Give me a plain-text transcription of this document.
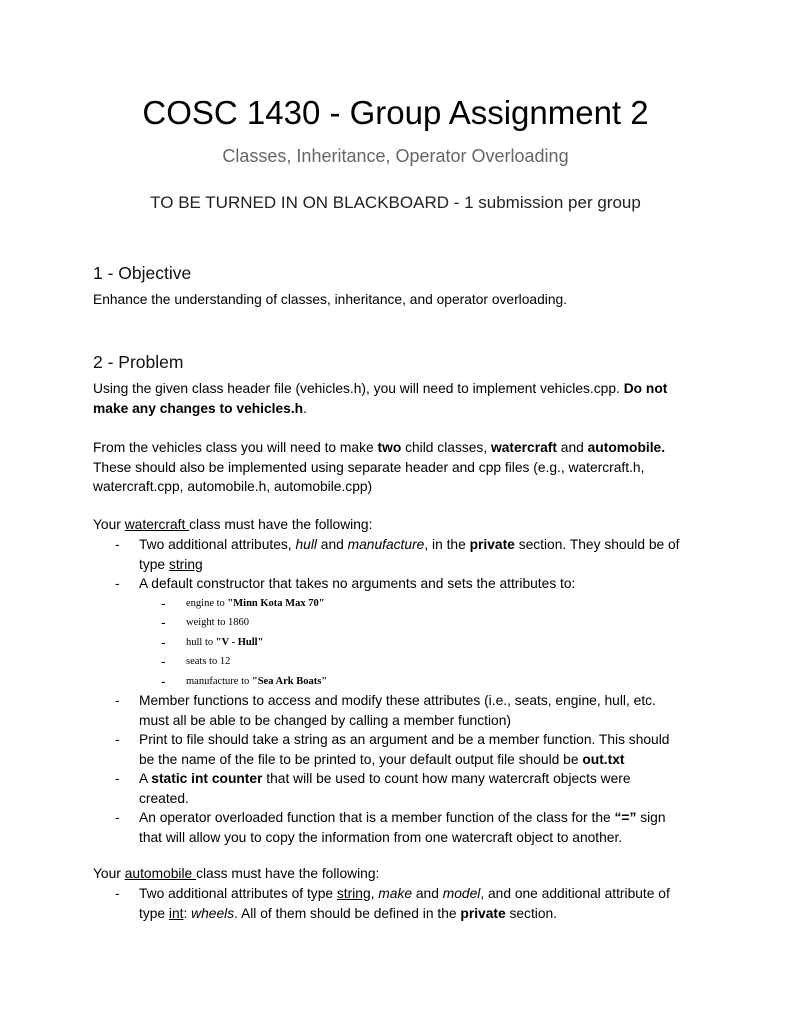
COSC 1430 - Group Assignment 2
Classes, Inheritance, Operator Overloading
TO BE TURNED IN ON BLACKBOARD - 1 submission per group
1 - Objective
Enhance the understanding of classes, inheritance, and operator overloading.
2 - Problem
Using the given class header file (vehicles.h), you will need to implement vehicles.cpp. Do not
make any changes to vehicles.h.
From the vehicles class you will need to make two child classes, watercraft and automobile.
These should also be implemented using separate header and cpp files (e.g., watercraft.h,
watercraft.cpp, automobile.h, automobile.cpp)
Your watercraft class must have the following:
- Two additional attributes, hull and manufacture, in the private section. They should be of
type string
- A default constructor that takes no arguments and sets the attributes to:
- engine to "Minn Kota Max 70"
- weight to 1860
- hull to "V - Hull"
- seats to 12
- manufacture to "Sea Ark Boats"
- Member functions to access and modify these attributes (i.e., seats, engine, hull, etc.
must all be able to be changed by calling a member function)
- Print to file should take a string as an argument and be a member function. This should
be the name of the file to be printed to, your default output file should be out.txt
- A static int counter that will be used to count how many watercraft objects were
created.
- An operator overloaded function that is a member function of the class for the “=” sign
that will allow you to copy the information from one watercraft object to another.
Your automobile class must have the following:
- Two additional attributes of type string, make and model, and one additional attribute of
type int: wheels. All of them should be defined in the private section.
